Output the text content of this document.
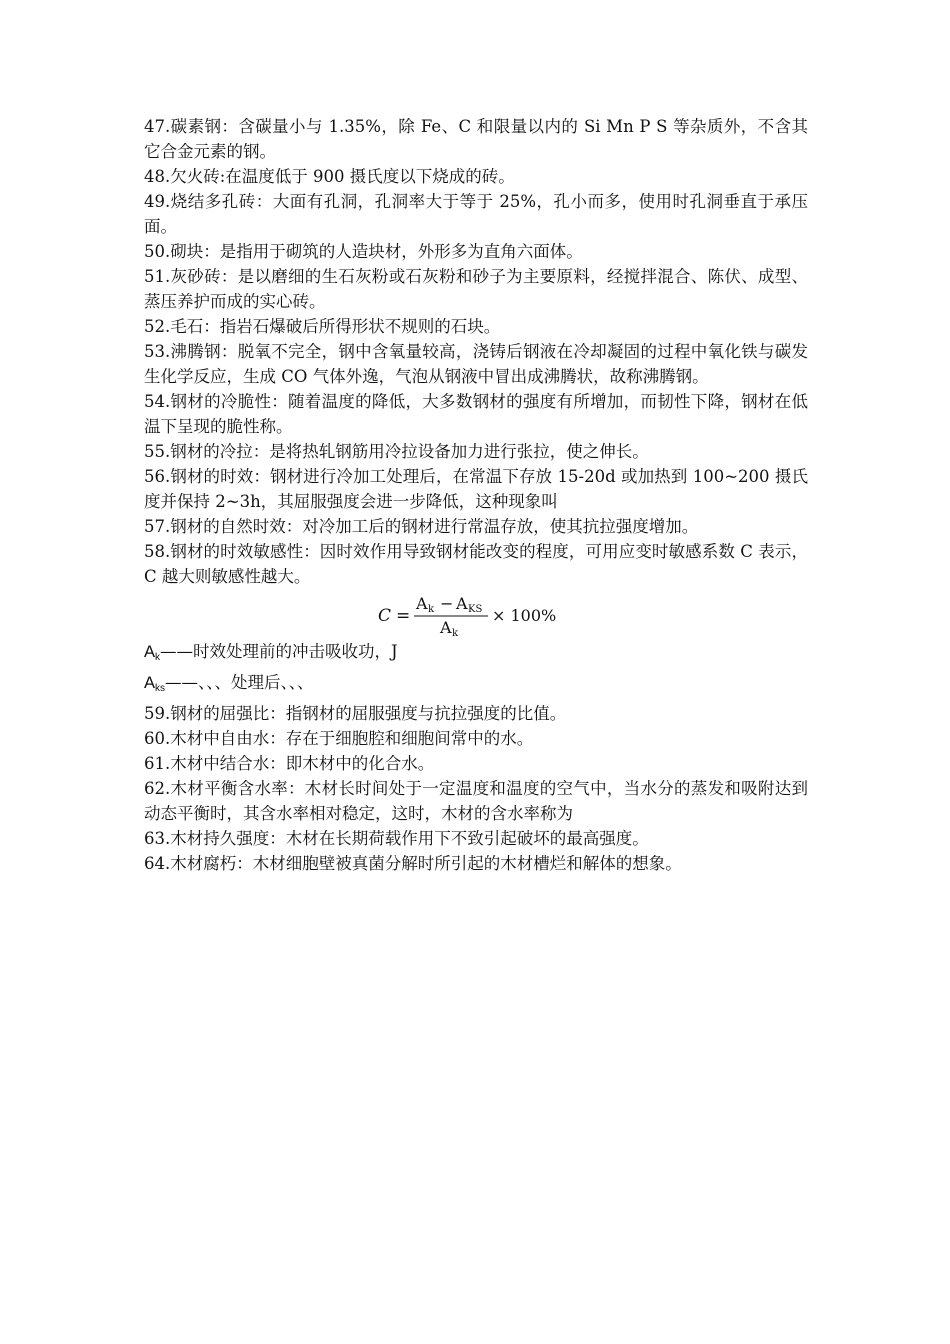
47.碳素钢：含碳量小与 1.35%，除 Fe、C 和限量以内的 Si Mn P S 等杂质外，不含其它合金元素的钢。

48.欠火砖:在温度低于 900 摄氏度以下烧成的砖。

49.烧结多孔砖：大面有孔洞，孔洞率大于等于 25%，孔小而多，使用时孔洞垂直于承压面。

50.砌块：是指用于砌筑的人造块材，外形多为直角六面体。

51.灰砂砖：是以磨细的生石灰粉或石灰粉和砂子为主要原料，经搅拌混合、陈伏、成型、蒸压养护而成的实心砖。

52.毛石：指岩石爆破后所得形状不规则的石块。

53.沸腾钢：脱氧不完全，钢中含氧量较高，浇铸后钢液在冷却凝固的过程中氧化铁与碳发生化学反应，生成 CO 气体外逸，气泡从钢液中冒出成沸腾状，故称沸腾钢。

54.钢材的冷脆性：随着温度的降低，大多数钢材的强度有所增加，而韧性下降，钢材在低温下呈现的脆性称。

55.钢材的冷拉：是将热轧钢筋用冷拉设备加力进行张拉，使之伸长。

56.钢材的时效：钢材进行冷加工处理后，在常温下存放 15-20d 或加热到 100~200 摄氏度并保持 2~3h，其屈服强度会进一步降低，这种现象叫

57.钢材的自然时效：对冷加工后的钢材进行常温存放，使其抗拉强度增加。

58.钢材的时效敏感性：因时效作用导致钢材能改变的程度，可用应变时敏感系数 C 表示，C 越大则敏感性越大。

C =
A k − A KS
A k
× 100%

$A_k——$时效处理前的冲击吸收功，J

$A_{ks}——$、、、处理后、、、

59.钢材的屈强比：指钢材的屈服强度与抗拉强度的比值。

60.木材中自由水：存在于细胞腔和细胞间常中的水。

61.木材中结合水：即木材中的化合水。

62.木材平衡含水率：木材长时间处于一定温度和温度的空气中，当水分的蒸发和吸附达到动态平衡时，其含水率相对稳定，这时，木材的含水率称为

63.木材持久强度：木材在长期荷载作用下不致引起破坏的最高强度。

64.木材腐朽：木材细胞壁被真菌分解时所引起的木材槽烂和解体的想象。
